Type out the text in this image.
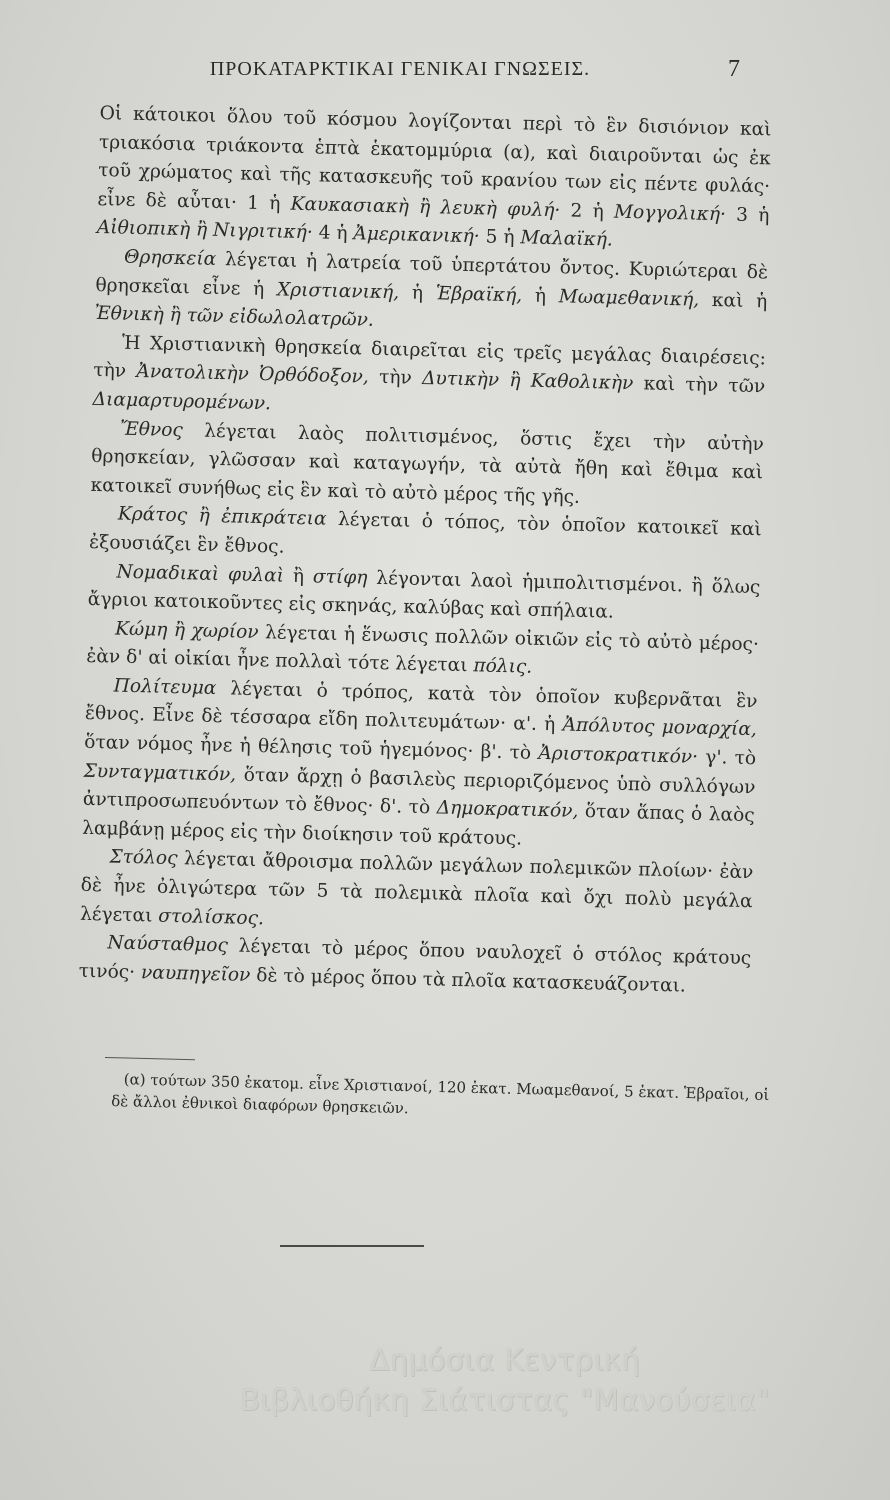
ΠΡΟΚΑΤΑΡΚΤΙΚΑΙ ΓΕΝΙΚΑΙ ΓΝΩΣΕΙΣ.	7

Οἱ κάτοικοι ὅλου τοῦ κόσμου λογίζονται περὶ τὸ ἓν δισιόνιον καὶ τριακόσια τριάκοντα ἑπτὰ ἑκατομμύρια (α), καὶ διαιροῦνται ὡς ἐκ τοῦ χρώματος καὶ τῆς κατασκευῆς τοῦ κρανίου των εἰς πέντε φυλάς· εἶνε δὲ αὗται· 1 ἡ Καυκασιακὴ ἢ λευκὴ φυλή· 2 ἡ Μογγολική· 3 ἡ Αἰθιοπικὴ ἢ Νιγριτική· 4 ἡ Ἀμερικανική· 5 ἡ Μαλαϊκή.

Θρησκεία λέγεται ἡ λατρεία τοῦ ὑπερτάτου ὄντος. Κυριώτεραι δὲ θρησκεῖαι εἶνε ἡ Χριστιανική, ἡ Ἑβραϊκή, ἡ Μωαμεθανική, καὶ ἡ Ἐθνικὴ ἢ τῶν εἰδωλολατρῶν.

Ἡ Χριστιανικὴ θρησκεία διαιρεῖται εἰς τρεῖς μεγάλας διαιρέσεις: τὴν Ἀνατολικὴν Ὀρθόδοξον, τὴν Δυτικὴν ἢ Καθολικὴν καὶ τὴν τῶν Διαμαρτυρομένων.

Ἔθνος λέγεται λαὸς πολιτισμένος, ὅστις ἔχει τὴν αὐτὴν θρησκείαν, γλῶσσαν καὶ καταγωγήν, τὰ αὐτὰ ἤθη καὶ ἔθιμα καὶ κατοικεῖ συνήθως εἰς ἓν καὶ τὸ αὐτὸ μέρος τῆς γῆς.

Κράτος ἢ ἐπικράτεια λέγεται ὁ τόπος, τὸν ὁποῖον κατοικεῖ καὶ ἐξουσιάζει ἓν ἔθνος.

Νομαδικαὶ φυλαὶ ἢ στίφη λέγονται λαοὶ ἡμιπολιτισμένοι. ἢ ὅλως ἄγριοι κατοικοῦντες εἰς σκηνάς, καλύβας καὶ σπήλαια.

Κώμη ἢ χωρίον λέγεται ἡ ἕνωσις πολλῶν οἰκιῶν εἰς τὸ αὐτὸ μέρος· ἐὰν δ' αἱ οἰκίαι ἦνε πολλαὶ τότε λέγεται πόλις.

Πολίτευμα λέγεται ὁ τρόπος, κατὰ τὸν ὁποῖον κυβερνᾶται ἓν ἔθνος. Εἶνε δὲ τέσσαρα εἴδη πολιτευμάτων· α'. ἡ Ἀπόλυτος μοναρχία, ὅταν νόμος ἦνε ἡ θέλησις τοῦ ἡγεμόνος· β'. τὸ Ἀριστοκρατικόν· γ'. τὸ Συνταγματικόν, ὅταν ἄρχῃ ὁ βασιλεὺς περιοριζόμενος ὑπὸ συλλόγων ἀντιπροσωπευόντων τὸ ἔθνος· δ'. τὸ Δημοκρατικόν, ὅταν ἅπας ὁ λαὸς λαμβάνῃ μέρος εἰς τὴν διοίκησιν τοῦ κράτους.

Στόλος λέγεται ἄθροισμα πολλῶν μεγάλων πολεμικῶν πλοίων· ἐὰν δὲ ἦνε ὀλιγώτερα τῶν 5 τὰ πολεμικὰ πλοῖα καὶ ὄχι πολὺ μεγάλα λέγεται στολίσκος.

Ναύσταθμος λέγεται τὸ μέρος ὅπου ναυλοχεῖ ὁ στόλος κράτους τινός· ναυπηγεῖον δὲ τὸ μέρος ὅπου τὰ πλοῖα κατασκευάζονται.

(α) τούτων 350 ἑκατομ. εἶνε Χριστιανοί, 120 ἑκατ. Μωαμεθανοί, 5 ἑκατ. Ἑβραῖοι, οἱ δὲ ἄλλοι ἐθνικοὶ διαφόρων θρησκειῶν.

Δημόσια Κεντρική
Βιβλιοθήκη Σιάτιστας "Μανούσεια"
